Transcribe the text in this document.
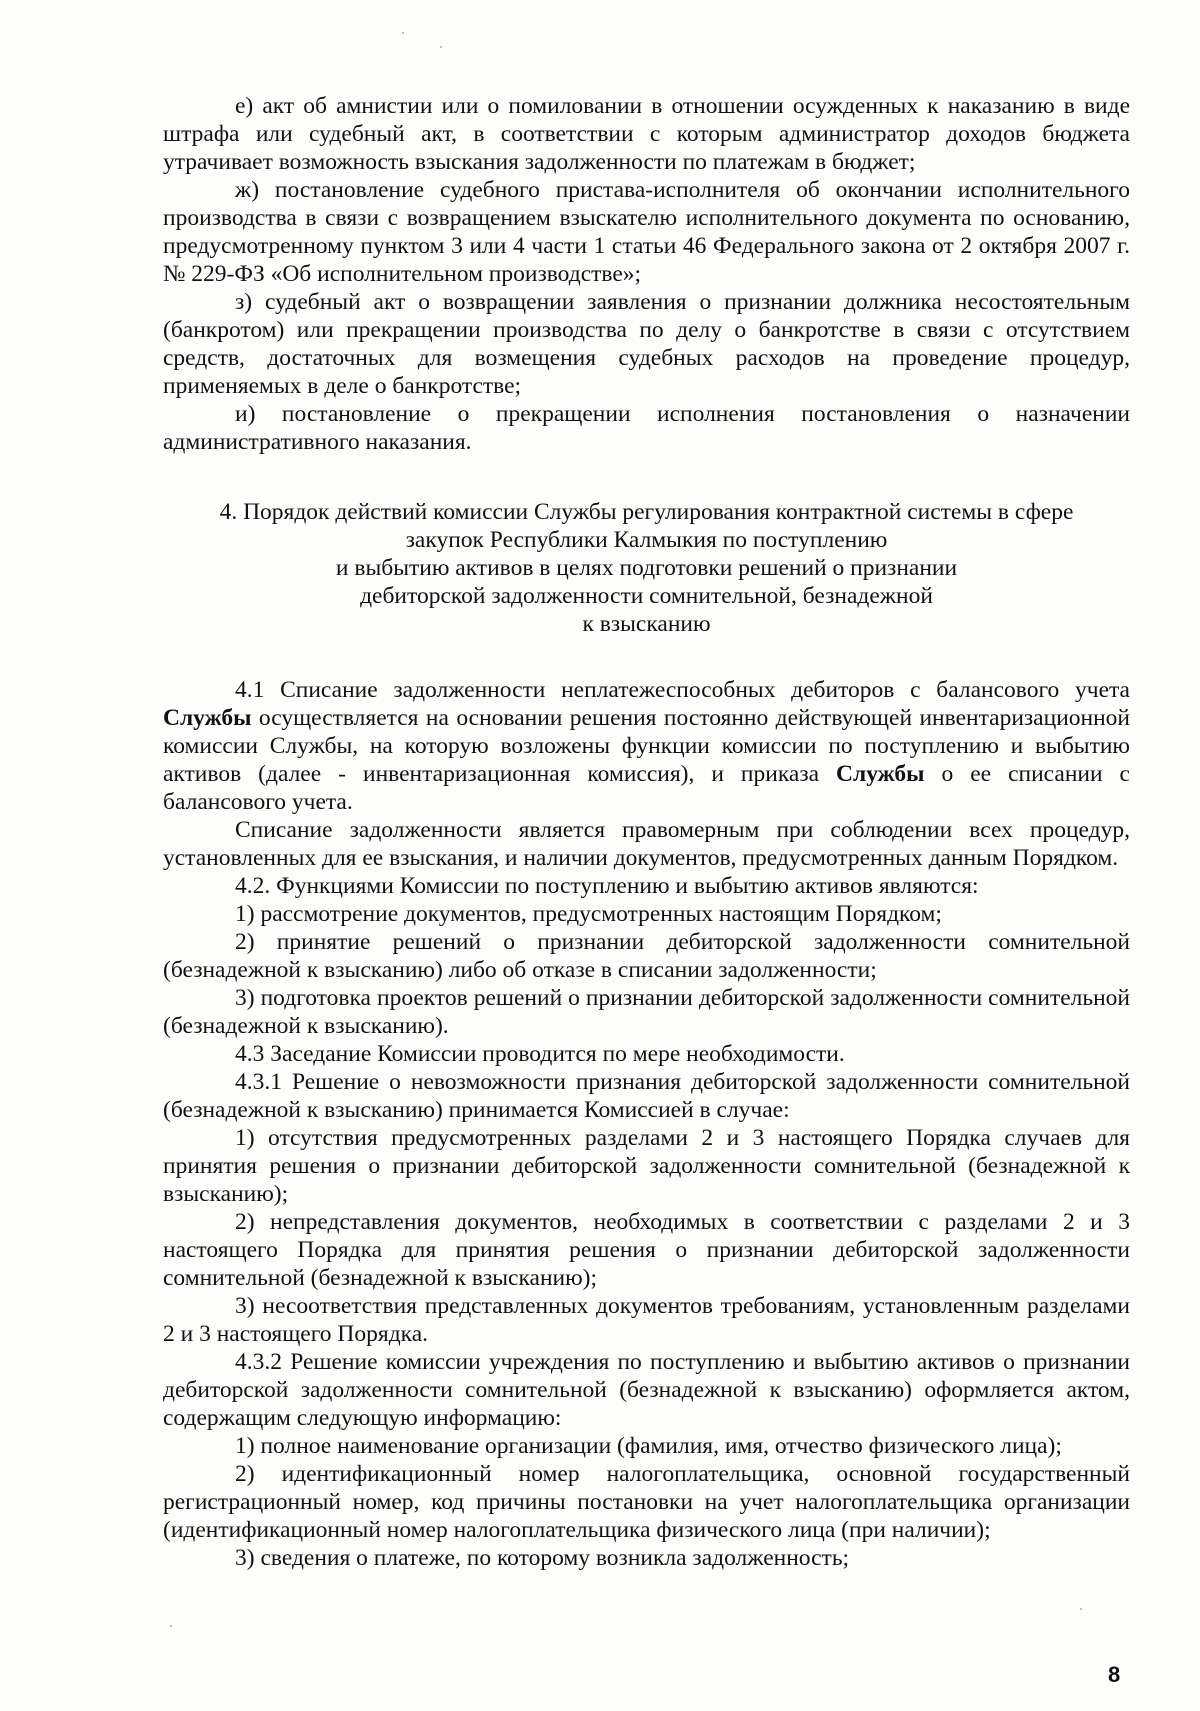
е) акт об амнистии или о помиловании в отношении осужденных к наказанию в виде штрафа или судебный акт, в соответствии с которым администратор доходов бюджета утрачивает возможность взыскания задолженности по платежам в бюджет;

ж) постановление судебного пристава-исполнителя об окончании исполнительного производства в связи с возвращением взыскателю исполнительного документа по основанию, предусмотренному пунктом 3 или 4 части 1 статьи 46 Федерального закона от 2 октября 2007 г. № 229-ФЗ «Об исполнительном производстве»;

з) судебный акт о возвращении заявления о признании должника несостоятельным (банкротом) или прекращении производства по делу о банкротстве в связи с отсутствием средств, достаточных для возмещения судебных расходов на проведение процедур, применяемых в деле о банкротстве;

и) постановление о прекращении исполнения постановления о назначении административного наказания.

4. Порядок действий комиссии Службы регулирования контрактной системы в сфере
закупок Республики Калмыкия по поступлению
и выбытию активов в целях подготовки решений о признании
дебиторской задолженности сомнительной, безнадежной
к взысканию

4.1 Списание задолженности неплатежеспособных дебиторов с балансового учета Службы осуществляется на основании решения постоянно действующей инвентаризационной комиссии Службы, на которую возложены функции комиссии по поступлению и выбытию активов (далее - инвентаризационная комиссия), и приказа Службы о ее списании с балансового учета.

Списание задолженности является правомерным при соблюдении всех процедур, установленных для ее взыскания, и наличии документов, предусмотренных данным Порядком.

4.2. Функциями Комиссии по поступлению и выбытию активов являются:

1) рассмотрение документов, предусмотренных настоящим Порядком;

2) принятие решений о признании дебиторской задолженности сомнительной (безнадежной к взысканию) либо об отказе в списании задолженности;

3) подготовка проектов решений о признании дебиторской задолженности сомнительной (безнадежной к взысканию).

4.3 Заседание Комиссии проводится по мере необходимости.

4.3.1 Решение о невозможности признания дебиторской задолженности сомнительной (безнадежной к взысканию) принимается Комиссией в случае:

1) отсутствия предусмотренных разделами 2 и 3 настоящего Порядка случаев для принятия решения о признании дебиторской задолженности сомнительной (безнадежной к взысканию);

2) непредставления документов, необходимых в соответствии с разделами 2 и 3 настоящего Порядка для принятия решения о признании дебиторской задолженности сомнительной (безнадежной к взысканию);

3) несоответствия представленных документов требованиям, установленным разделами 2 и 3 настоящего Порядка.

4.3.2 Решение комиссии учреждения по поступлению и выбытию активов о признании дебиторской задолженности сомнительной (безнадежной к взысканию) оформляется актом, содержащим следующую информацию:

1) полное наименование организации (фамилия, имя, отчество физического лица);

2) идентификационный номер налогоплательщика, основной государственный регистрационный номер, код причины постановки на учет налогоплательщика организации (идентификационный номер налогоплательщика физического лица (при наличии);

3) сведения о платеже, по которому возникла задолженность;

8
